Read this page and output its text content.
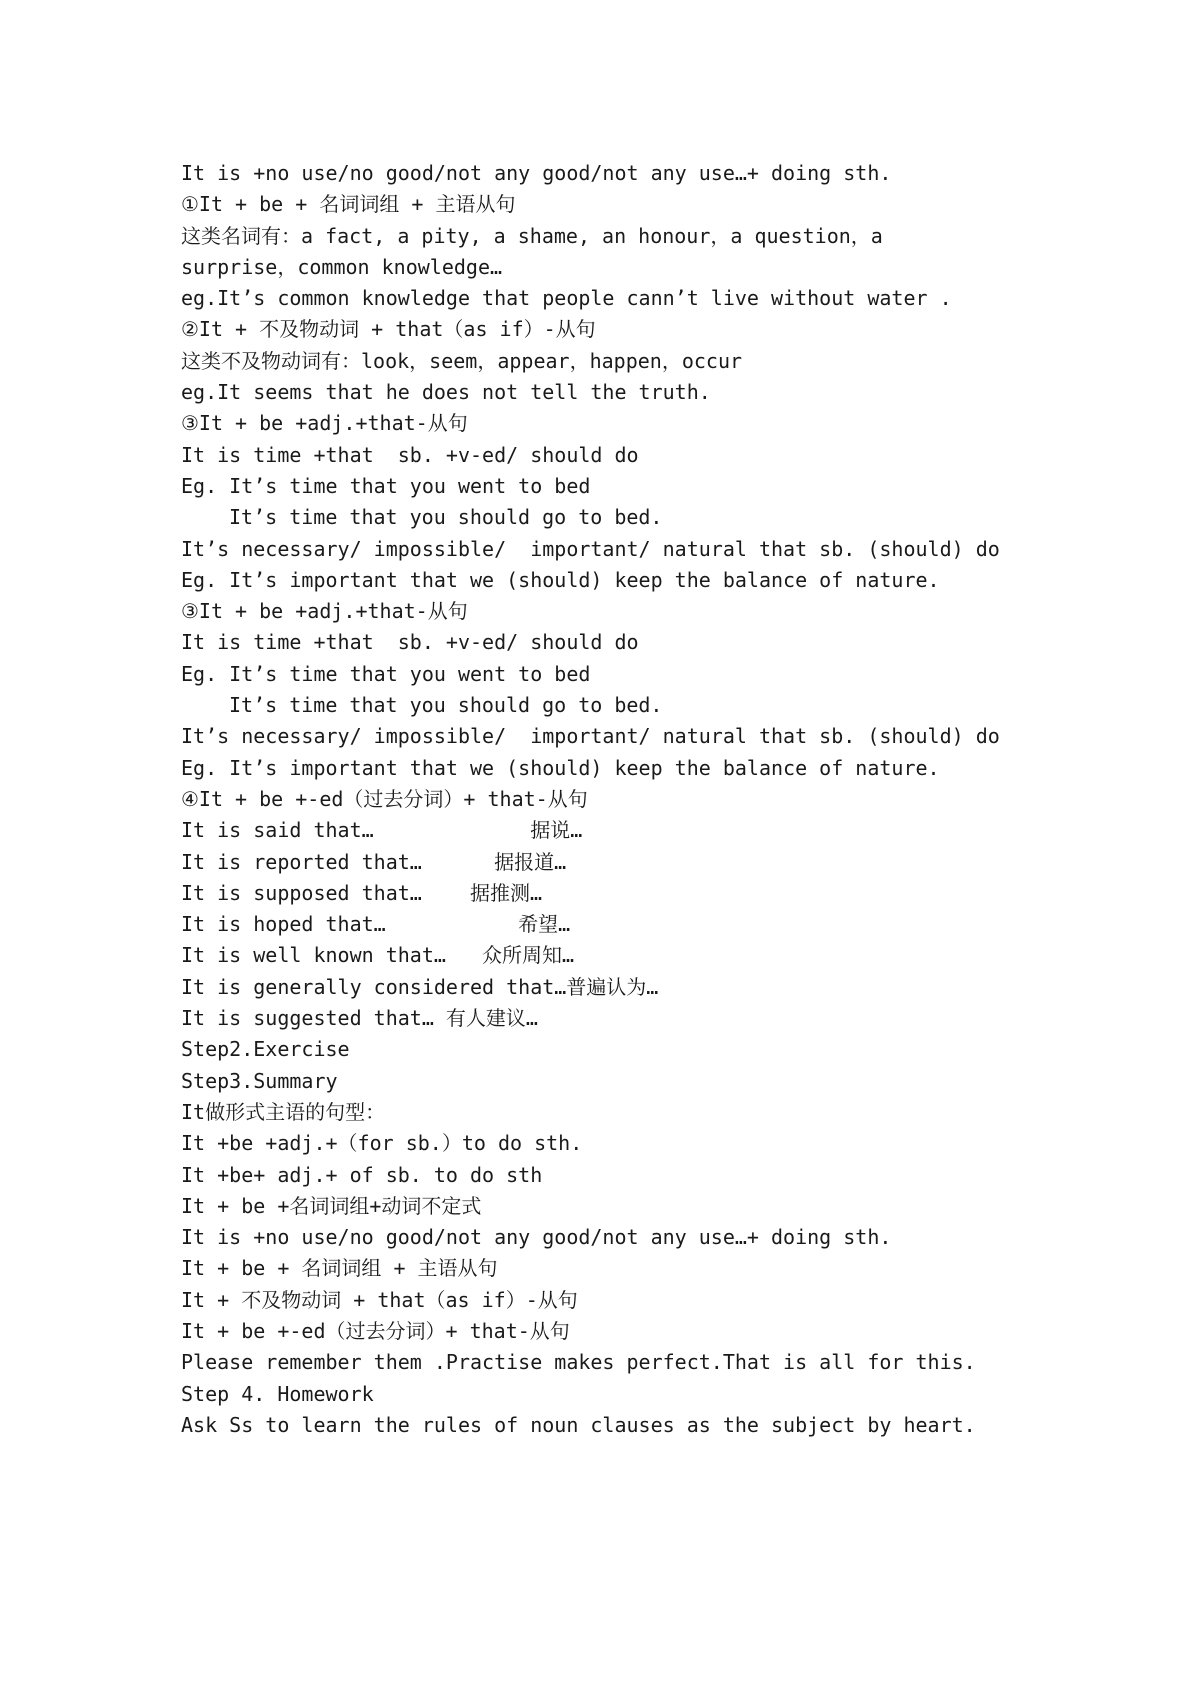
It is +no use/no good/not any good/not any use…+ doing sth.
①It + be + 名词词组 + 主语从句
这类名词有：a fact, a pity, a shame, an honour，a question，a
surprise，common knowledge…
eg.It’s common knowledge that people cann’t live without water .
②It + 不及物动词 + that（as if）-从句
这类不及物动词有：look，seem，appear，happen，occur
eg.It seems that he does not tell the truth.
③It + be +adj.+that-从句
It is time +that  sb. +v-ed/ should do
Eg. It’s time that you went to bed
It’s time that you should go to bed.
It’s necessary/ impossible/  important/ natural that sb. (should) do
Eg. It’s important that we (should) keep the balance of nature.
③It + be +adj.+that-从句
It is time +that  sb. +v-ed/ should do
Eg. It’s time that you went to bed
It’s time that you should go to bed.
It’s necessary/ impossible/  important/ natural that sb. (should) do
Eg. It’s important that we (should) keep the balance of nature.
④It + be +-ed（过去分词）+ that-从句
It is said that…             据说…
It is reported that…      据报道…
It is supposed that…    据推测…
It is hoped that…           希望…
It is well known that…   众所周知…
It is generally considered that…普遍认为…
It is suggested that… 有人建议…
Step2.Exercise
Step3.Summary
It做形式主语的句型：
It +be +adj.+（for sb.）to do sth.
It +be+ adj.+ of sb. to do sth
It + be +名词词组+动词不定式
It is +no use/no good/not any good/not any use…+ doing sth.
It + be + 名词词组 + 主语从句
It + 不及物动词 + that（as if）-从句
It + be +-ed（过去分词）+ that-从句
Please remember them .Practise makes perfect.That is all for this.
Step 4. Homework
Ask Ss to learn the rules of noun clauses as the subject by heart.
